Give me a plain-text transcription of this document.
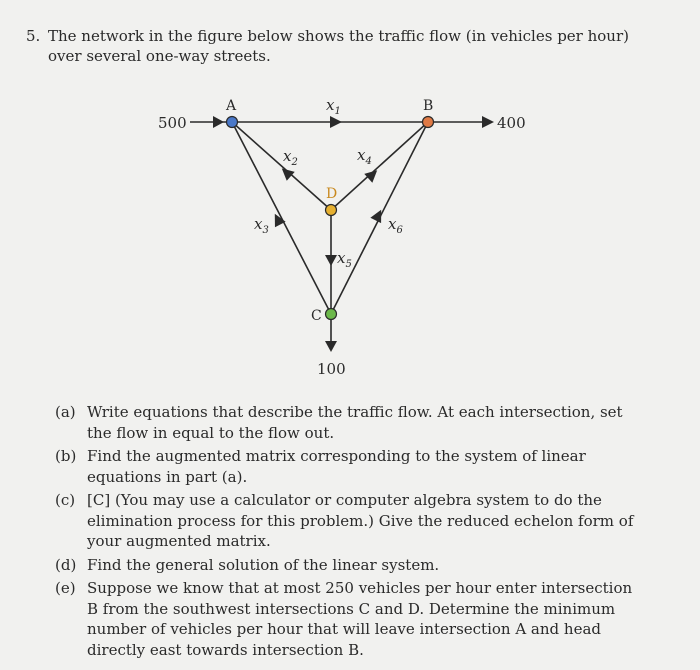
5. The network in the figure below shows the traffic flow (in vehicles per hour) over several one-way streets.
A	B
D
C
500	400
100
$x_1$
$x_2$
$x_3$
$x_4$
$x_5$
$x_6$
(a) Write equations that describe the traffic flow. At each intersection, set the flow in equal to the flow out.
(b) Find the augmented matrix corresponding to the system of linear equations in part (a).
(c) [C] (You may use a calculator or computer algebra system to do the elimination process for this problem.) Give the reduced echelon form of your augmented matrix.
(d) Find the general solution of the linear system.
(e) Suppose we know that at most 250 vehicles per hour enter intersection B from the southwest intersections C and D. Determine the minimum number of vehicles per hour that will leave intersection A and head directly east towards intersection B.
